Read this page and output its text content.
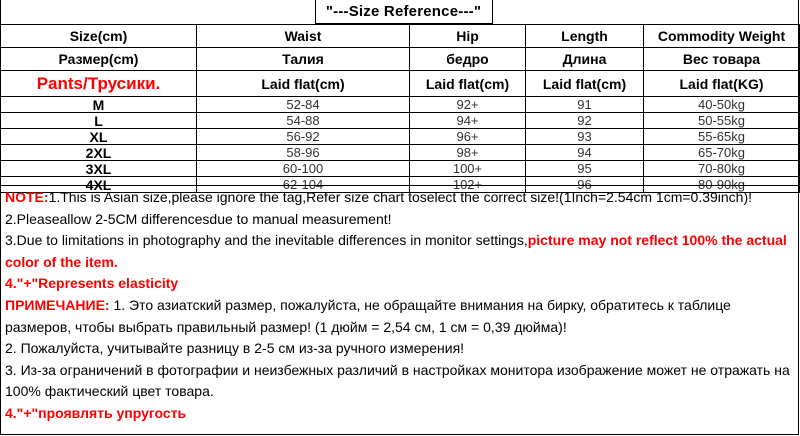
"---Size Reference---"
Size(cm)	Waist	Hip	Length	Commodity Weight
Размер(cm)	Талия	бедро	Длина	Вес товара
Pants/Трусики.	Laid flat(cm)	Laid flat(cm)	Laid flat(cm)	Laid flat(KG)
M	52-84	92+	91	40-50kg
L	54-88	94+	92	50-55kg
XL	56-92	96+	93	55-65kg
2XL	58-96	98+	94	65-70kg
3XL	60-100	100+	95	70-80kg
4XL	62-104	102+	96	80-90kg

NOTE:1.This is Asian size,please ignore the tag,Refer size chart toselect the correct size!(1Inch=2.54cm 1cm=0.39inch)!

2.Pleaseallow 2-5CM differencesdue to manual measurement!

3.Due to limitations in photography and the inevitable differences in monitor settings,picture may not reflect 100% the actual color of the item.

4."+"Represents elasticity

ПРИМЕЧАНИЕ: 1. Это азиатский размер, пожалуйста, не обращайте внимания на бирку, обратитесь к таблице размеров, чтобы выбрать правильный размер! (1 дюйм = 2,54 см, 1 см = 0,39 дюйма)!

2. Пожалуйста, учитывайте разницу в 2-5 см из-за ручного измерения!

3. Из-за ограничений в фотографии и неизбежных различий в настройках монитора изображение может не отражать на 100% фактический цвет товара.

4."+"проявлять упругость
